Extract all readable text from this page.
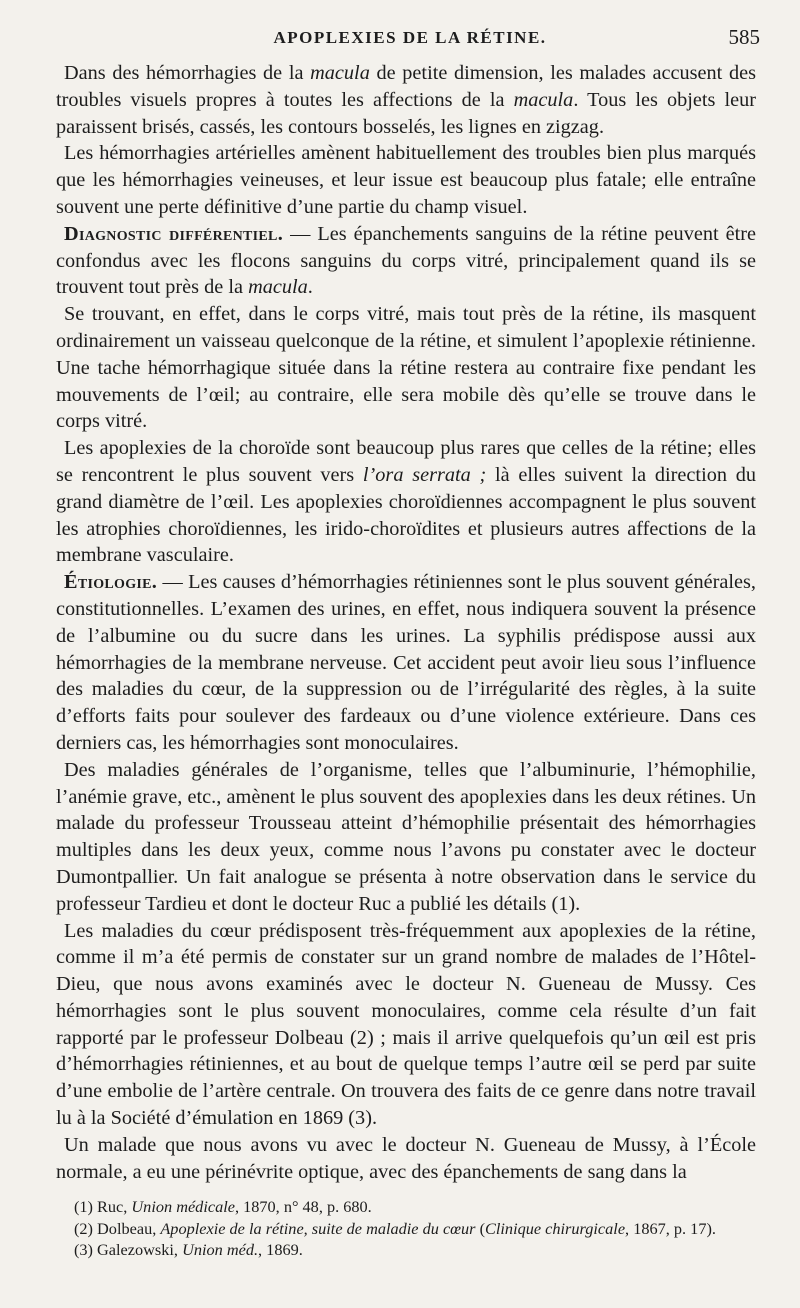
APOPLEXIES DE LA RÉTINE.	585

Dans des hémorrhagies de la macula de petite dimension, les malades accusent des troubles visuels propres à toutes les affections de la macula. Tous les objets leur paraissent brisés, cassés, les contours bosselés, les lignes en zigzag.

Les hémorrhagies artérielles amènent habituellement des troubles bien plus marqués que les hémorrhagies veineuses, et leur issue est beaucoup plus fatale; elle entraîne souvent une perte définitive d’une partie du champ visuel.

Diagnostic différentiel. — Les épanchements sanguins de la rétine peuvent être confondus avec les flocons sanguins du corps vitré, principalement quand ils se trouvent tout près de la macula.

Se trouvant, en effet, dans le corps vitré, mais tout près de la rétine, ils masquent ordinairement un vaisseau quelconque de la rétine, et simulent l’apoplexie rétinienne. Une tache hémorrhagique située dans la rétine restera au contraire fixe pendant les mouvements de l’œil; au contraire, elle sera mobile dès qu’elle se trouve dans le corps vitré.

Les apoplexies de la choroïde sont beaucoup plus rares que celles de la rétine; elles se rencontrent le plus souvent vers l’ora serrata ; là elles suivent la direction du grand diamètre de l’œil. Les apoplexies choroïdiennes accompagnent le plus souvent les atrophies choroïdiennes, les irido-choroïdites et plusieurs autres affections de la membrane vasculaire.

Étiologie. — Les causes d’hémorrhagies rétiniennes sont le plus souvent générales, constitutionnelles. L’examen des urines, en effet, nous indiquera souvent la présence de l’albumine ou du sucre dans les urines. La syphilis prédispose aussi aux hémorrhagies de la membrane nerveuse. Cet accident peut avoir lieu sous l’influence des maladies du cœur, de la suppression ou de l’irrégularité des règles, à la suite d’efforts faits pour soulever des fardeaux ou d’une violence extérieure. Dans ces derniers cas, les hémorrhagies sont monoculaires.

Des maladies générales de l’organisme, telles que l’albuminurie, l’hémophilie, l’anémie grave, etc., amènent le plus souvent des apoplexies dans les deux rétines. Un malade du professeur Trousseau atteint d’hémophilie présentait des hémorrhagies multiples dans les deux yeux, comme nous l’avons pu constater avec le docteur Dumontpallier. Un fait analogue se présenta à notre observation dans le service du professeur Tardieu et dont le docteur Ruc a publié les détails (1).

Les maladies du cœur prédisposent très-fréquemment aux apoplexies de la rétine, comme il m’a été permis de constater sur un grand nombre de malades de l’Hôtel-Dieu, que nous avons examinés avec le docteur N. Gueneau de Mussy. Ces hémorrhagies sont le plus souvent monoculaires, comme cela résulte d’un fait rapporté par le professeur Dolbeau (2) ; mais il arrive quelquefois qu’un œil est pris d’hémorrhagies rétiniennes, et au bout de quelque temps l’autre œil se perd par suite d’une embolie de l’artère centrale. On trouvera des faits de ce genre dans notre travail lu à la Société d’émulation en 1869 (3).

Un malade que nous avons vu avec le docteur N. Gueneau de Mussy, à l’École normale, a eu une périnévrite optique, avec des épanchements de sang dans la

(1) Ruc, Union médicale, 1870, n° 48, p. 680.

(2) Dolbeau, Apoplexie de la rétine, suite de maladie du cœur (Clinique chirurgicale, 1867, p. 17).

(3) Galezowski, Union méd., 1869.
